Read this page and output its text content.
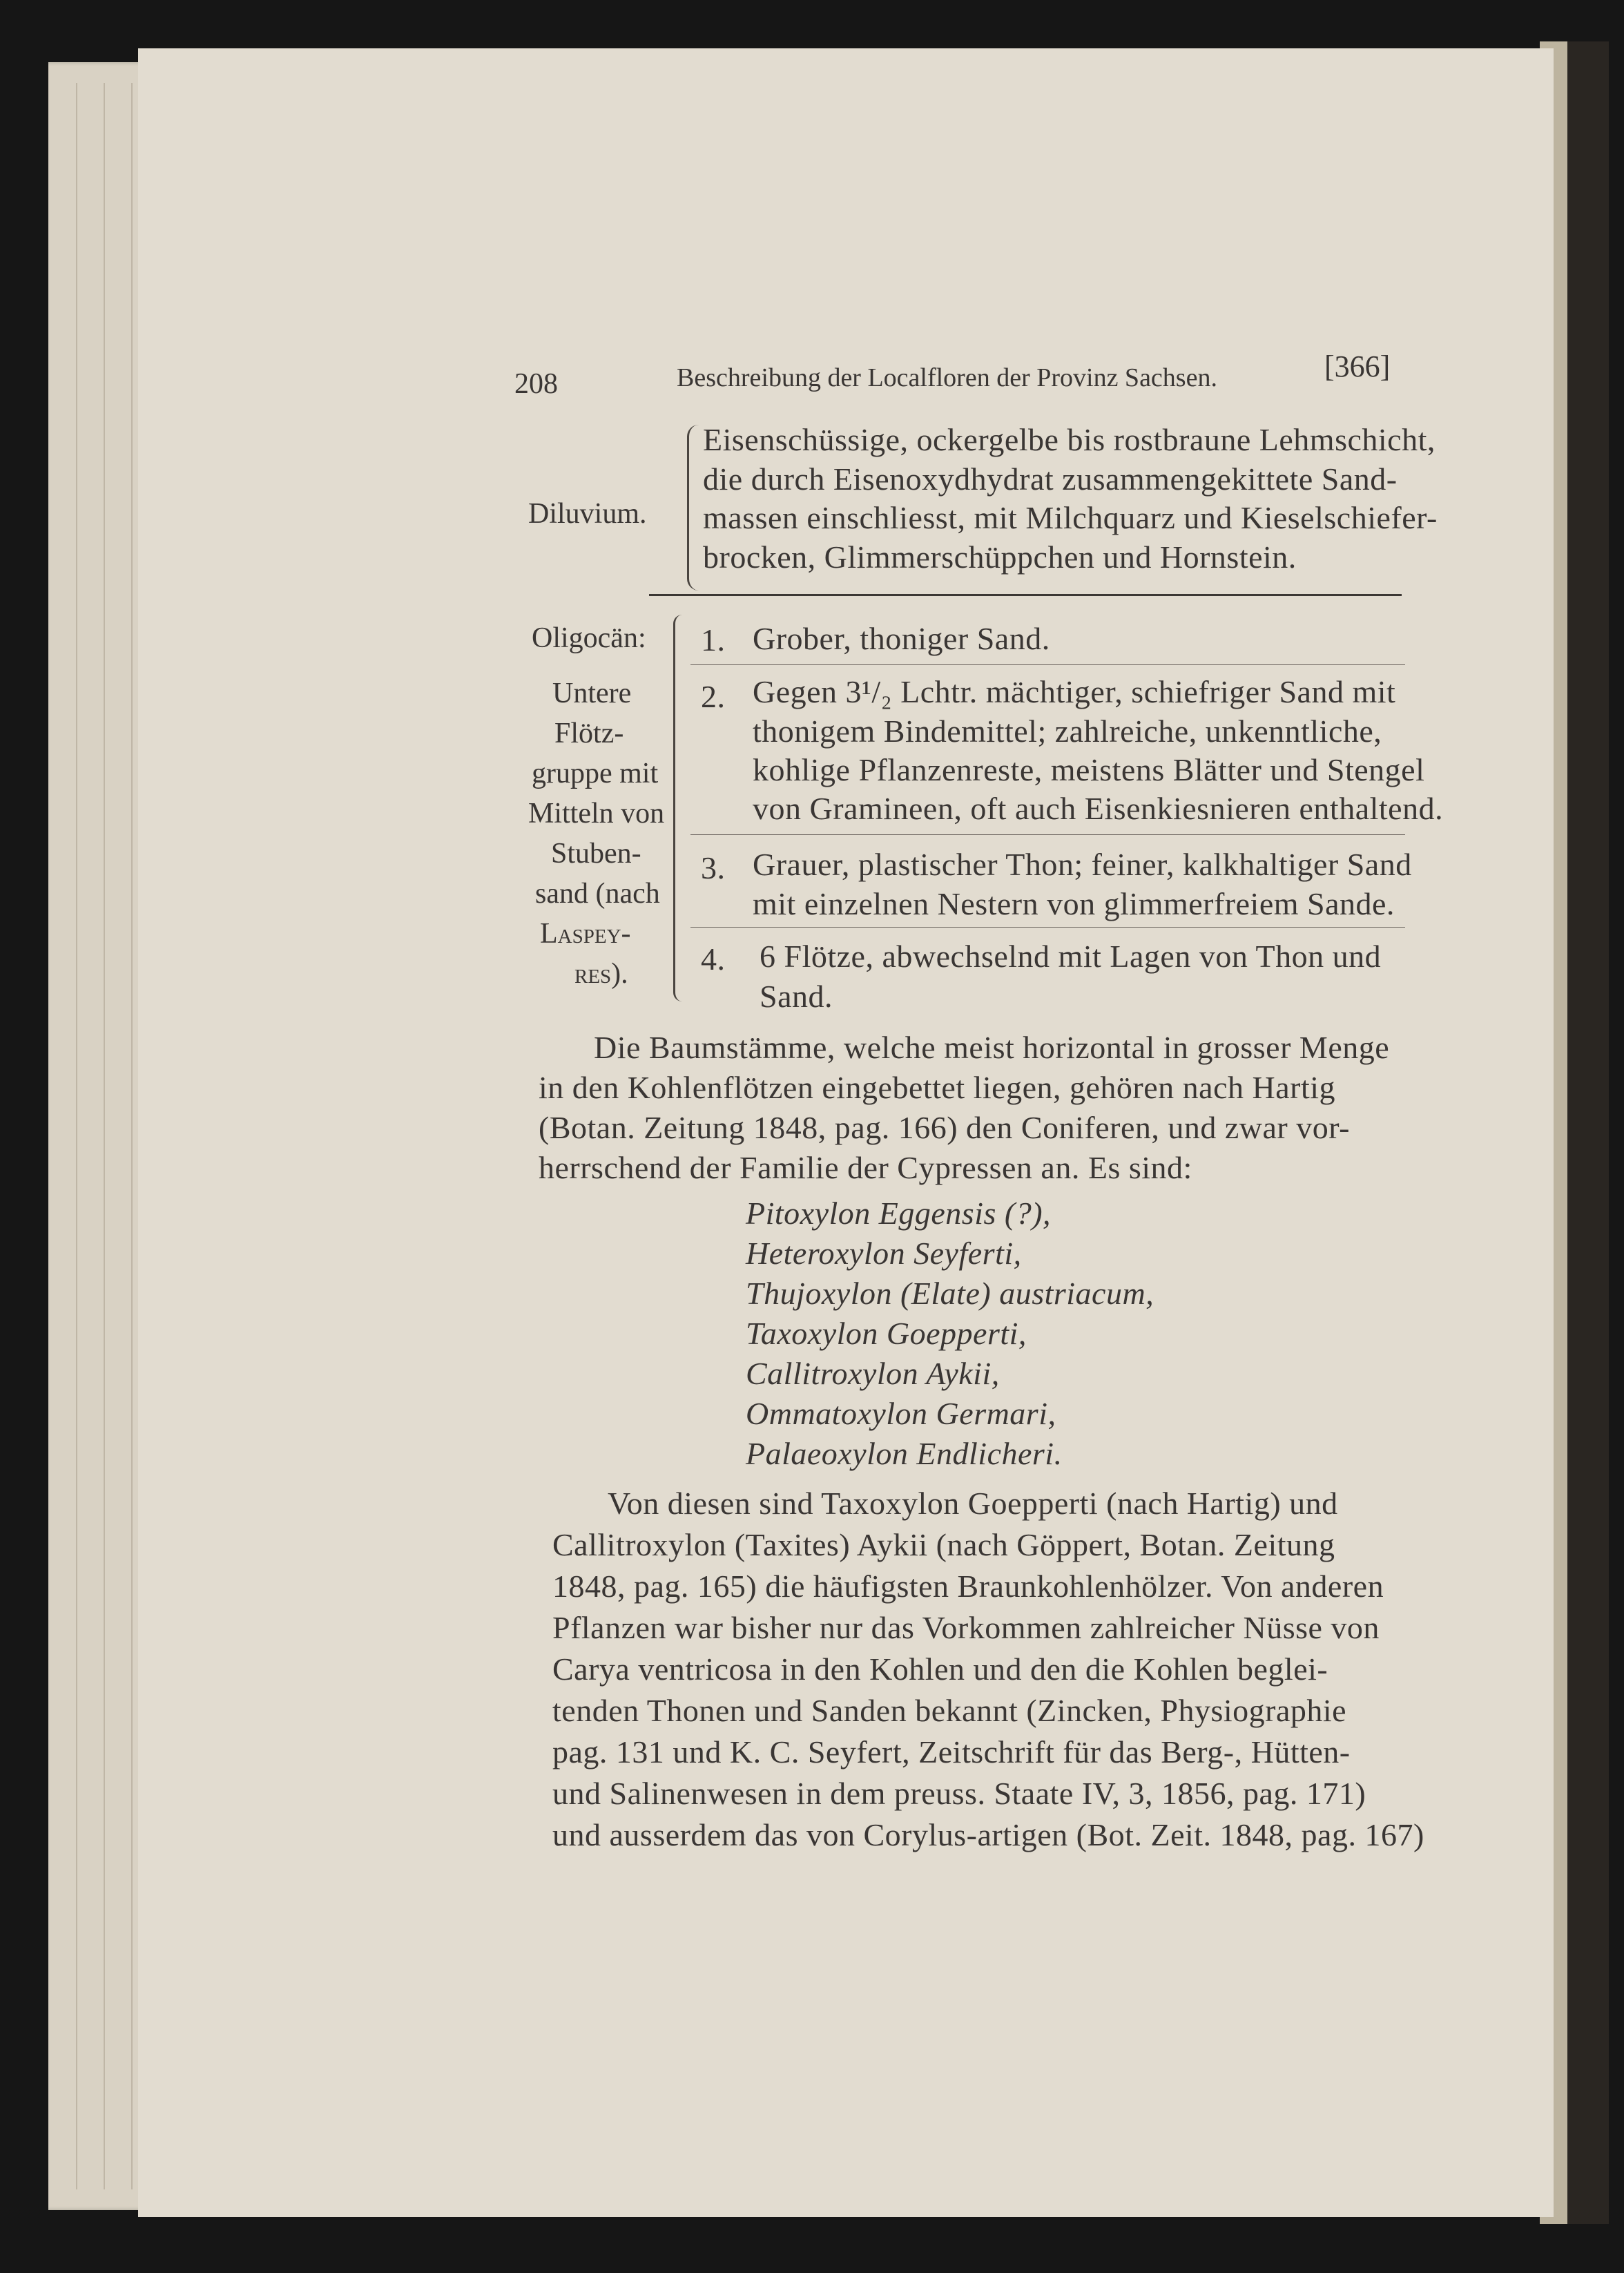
208	Beschreibung der Localfloren der Provinz Sachsen.	[366]
Diluvium.
Eisenschüssige, ockergelbe bis rostbraune Lehmschicht,
die durch Eisenoxydhydrat zusammengekittete Sand-
massen einschliesst, mit Milchquarz und Kieselschiefer-
brocken, Glimmerschüppchen und Hornstein.
Oligocän:
Untere
Flötz-
gruppe mit
Mitteln von
Stuben-
sand (nach
Laspey-
res).
1. Grober, thoniger Sand.
2. Gegen 3¹/₂ Lchtr. mächtiger, schiefriger Sand mit
thonigem Bindemittel; zahlreiche, unkenntliche,
kohlige Pflanzenreste, meistens Blätter und Stengel
von Gramineen, oft auch Eisenkiesnieren enthaltend.
3. Grauer, plastischer Thon; feiner, kalkhaltiger Sand
mit einzelnen Nestern von glimmerfreiem Sande.
4. 6 Flötze, abwechselnd mit Lagen von Thon und
Sand.
Die Baumstämme, welche meist horizontal in grosser Menge
in den Kohlenflötzen eingebettet liegen, gehören nach Hartig
(Botan. Zeitung 1848, pag. 166) den Coniferen, und zwar vor-
herrschend der Familie der Cypressen an. Es sind:
Pitoxylon Eggensis (?),
Heteroxylon Seyferti,
Thujoxylon (Elate) austriacum,
Taxoxylon Goepperti,
Callitroxylon Aykii,
Ommatoxylon Germari,
Palaeoxylon Endlicheri.
Von diesen sind Taxoxylon Goepperti (nach Hartig) und
Callitroxylon (Taxites) Aykii (nach Göppert, Botan. Zeitung
1848, pag. 165) die häufigsten Braunkohlenhölzer. Von anderen
Pflanzen war bisher nur das Vorkommen zahlreicher Nüsse von
Carya ventricosa in den Kohlen und den die Kohlen beglei-
tenden Thonen und Sanden bekannt (Zincken, Physiographie
pag. 131 und K. C. Seyfert, Zeitschrift für das Berg-, Hütten-
und Salinenwesen in dem preuss. Staate IV, 3, 1856, pag. 171)
und ausserdem das von Corylus-artigen (Bot. Zeit. 1848, pag. 167)
